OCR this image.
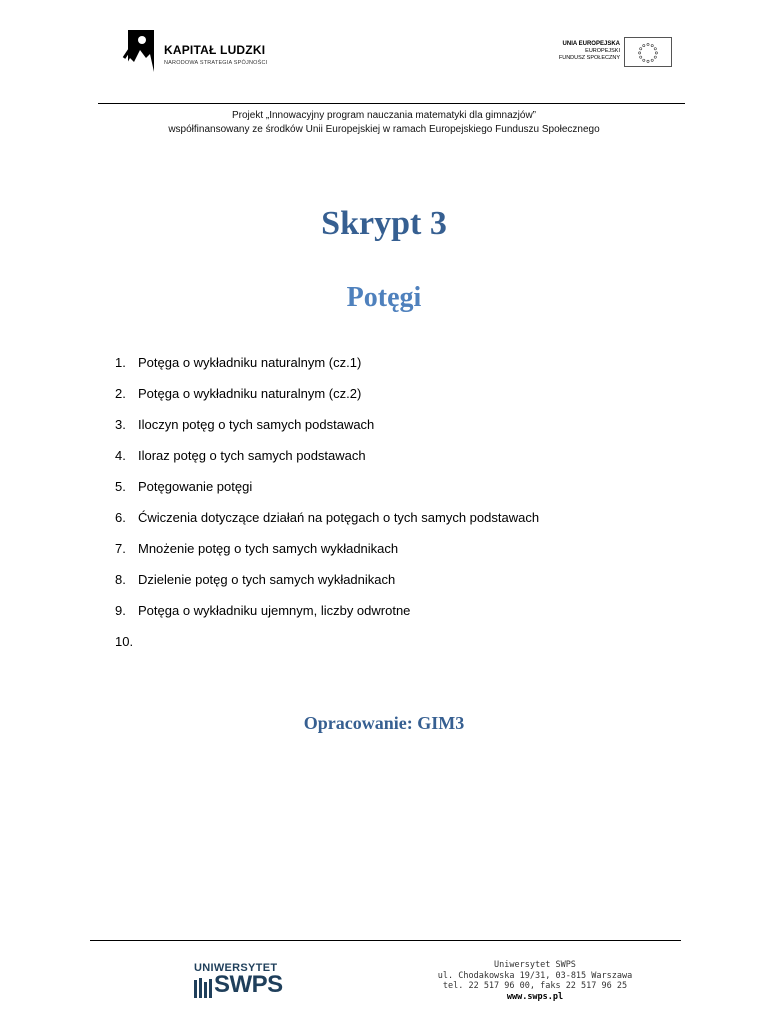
KAPITAŁ LUDZKI
NARODOWA STRATEGIA SPÓJNOŚCI
UNIA EUROPEJSKA
EUROPEJSKI
FUNDUSZ SPOŁECZNY
Projekt „Innowacyjny program nauczania matematyki dla gimnazjów”
współfinansowany ze środków Unii Europejskiej w ramach Europejskiego Funduszu Społecznego
Skrypt 3
Potęgi
1. Potęga o wykładniku naturalnym (cz.1)
2. Potęga o wykładniku naturalnym (cz.2)
3. Iloczyn potęg o tych samych podstawach
4. Iloraz potęg o tych samych podstawach
5. Potęgowanie potęgi
6. Ćwiczenia dotyczące działań na potęgach o tych samych podstawach
7. Mnożenie potęg o tych samych wykładnikach
8. Dzielenie potęg o tych samych wykładnikach
9. Potęga o wykładniku ujemnym, liczby odwrotne
10.
Opracowanie: GIM3
UNIWERSYTET
SWPS
Uniwersytet SWPS
ul. Chodakowska 19/31, 03-815 Warszawa
tel. 22 517 96 00, faks 22 517 96 25
www.swps.pl
